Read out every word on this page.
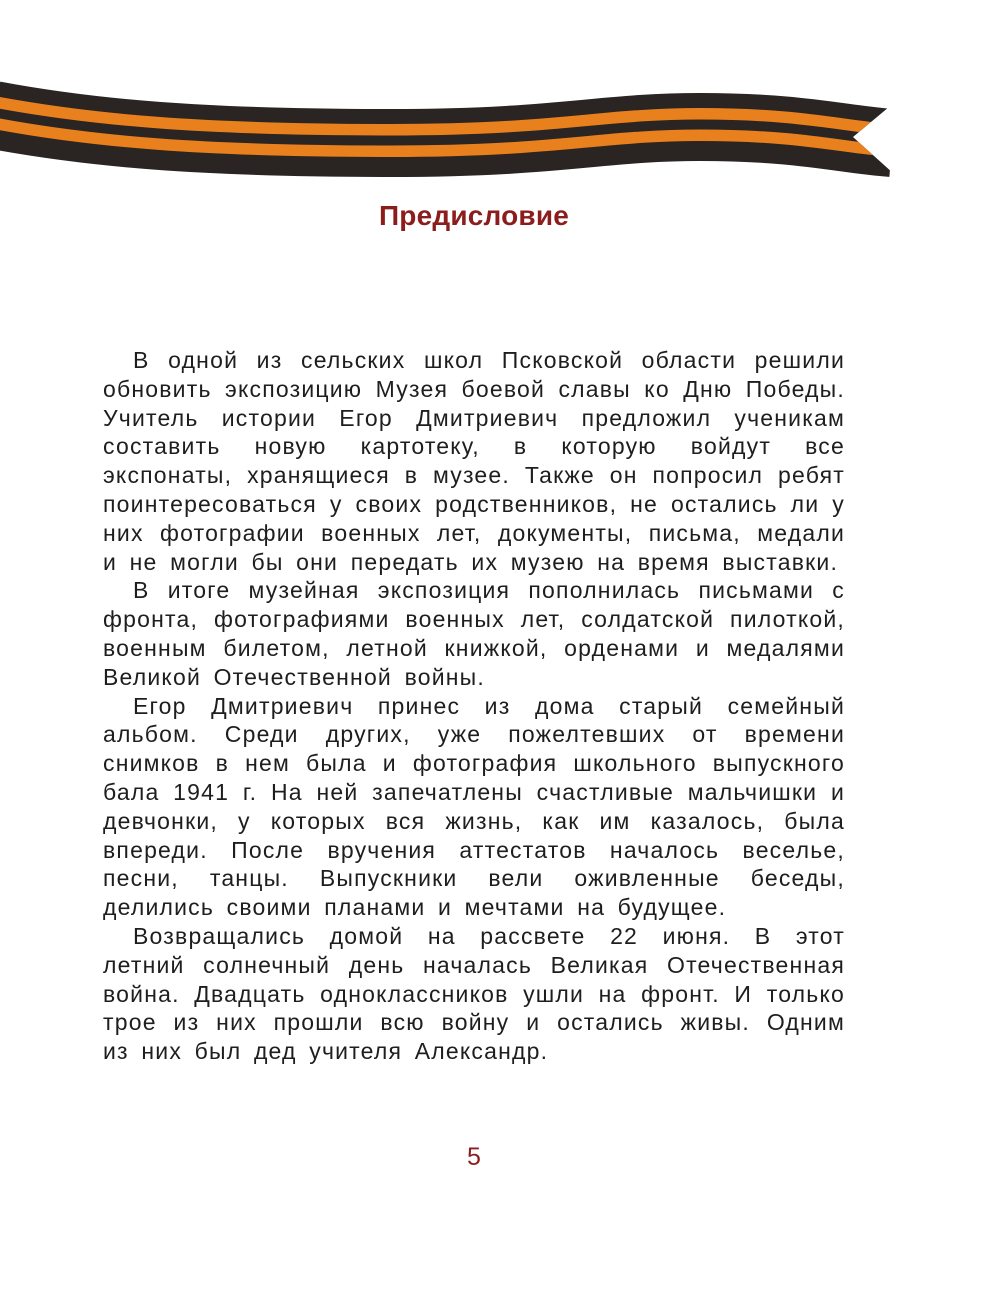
Предисловие

В одной из сельских школ Псковской области решили обновить экспозицию Музея боевой славы ко Дню Победы. Учитель истории Егор Дмитриевич предложил ученикам составить новую картотеку, в которую войдут все экспонаты, хранящиеся в музее. Также он попросил ребят поинтересоваться у своих родственников, не остались ли у них фотографии военных лет, документы, письма, медали и не могли бы они передать их музею на время выставки.

В итоге музейная экспозиция пополнилась письмами с фронта, фотографиями военных лет, солдатской пилоткой, военным билетом, летной книжкой, орденами и медалями Великой Отечественной войны.

Егор Дмитриевич принес из дома старый семейный альбом. Среди других, уже пожелтевших от времени снимков в нем была и фотография школьного выпускного бала 1941 г. На ней запечатлены счастливые мальчишки и девчонки, у которых вся жизнь, как им казалось, была впереди. После вручения аттестатов началось веселье, песни, танцы. Выпускники вели оживленные беседы, делились своими планами и мечтами на будущее.

Возвращались домой на рассвете 22 июня. В этот летний солнечный день началась Великая Отечественная война. Двадцать одноклассников ушли на фронт. И только трое из них прошли всю войну и остались живы. Одним из них был дед учителя Александр.

5
